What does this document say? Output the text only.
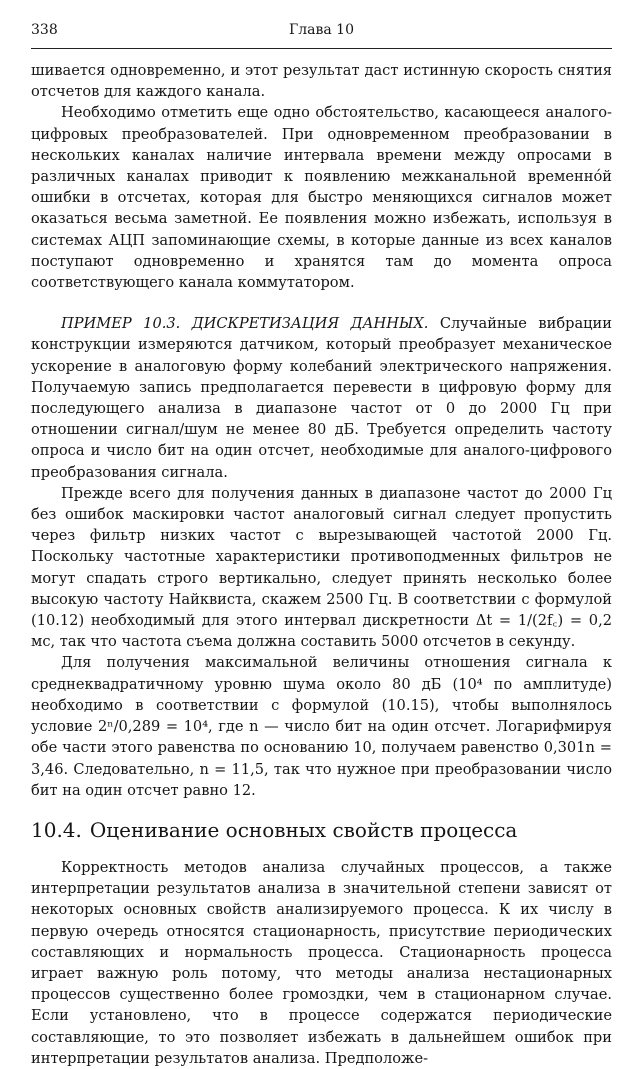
338	Глава 10

шивается одновременно, и этот результат даст истинную скорость снятия отсчетов для каждого канала.

Необходимо отметить еще одно обстоятельство, касающееся аналого-цифровых преобразователей. При одновременном преобразовании в нескольких каналах наличие интервала времени между опросами в различных каналах приводит к появлению межканальной временнóй ошибки в отсчетах, которая для быстро меняющихся сигналов может оказаться весьма заметной. Ее появления можно избежать, используя в системах АЦП запоминающие схемы, в которые данные из всех каналов поступают одновременно и хранятся там до момента опроса соответствующего канала коммутатором.

ПРИМЕР 10.3. ДИСКРЕТИЗАЦИЯ ДАННЫХ. Случайные вибрации конструкции измеряются датчиком, который преобразует механическое ускорение в аналоговую форму колебаний электрического напряжения. Получаемую запись предполагается перевести в цифровую форму для последующего анализа в диапазоне частот от 0 до 2000 Гц при отношении сигнал/шум не менее 80 дБ. Требуется определить частоту опроса и число бит на один отсчет, необходимые для аналого-цифрового преобразования сигнала.

Прежде всего для получения данных в диапазоне частот до 2000 Гц без ошибок маскировки частот аналоговый сигнал следует пропустить через фильтр низких частот с вырезывающей частотой 2000 Гц. Поскольку частотные характеристики противоподменных фильтров не могут спадать строго вертикально, следует принять несколько более высокую частоту Найквиста, скажем 2500 Гц. В соответствии с формулой (10.12) необходимый для этого интервал дискретности Δt = 1/(2f꜀) = 0,2 мс, так что частота съема должна составить 5000 отсчетов в секунду.

Для получения максимальной величины отношения сигнала к среднеквадратичному уровню шума около 80 дБ (10⁴ по амплитуде) необходимо в соответствии с формулой (10.15), чтобы выполнялось условие 2ⁿ/0,289 = 10⁴, где n — число бит на один отсчет. Логарифмируя обе части этого равенства по основанию 10, получаем равенство 0,301n = 3,46. Следовательно, n = 11,5, так что нужное при преобразовании число бит на один отсчет равно 12.

10.4. Оценивание основных свойств процесса

Корректность методов анализа случайных процессов, а также интерпретации результатов анализа в значительной степени зависят от некоторых основных свойств анализируемого процесса. К их числу в первую очередь относятся стационарность, присутствие периодических составляющих и нормальность процесса. Стационарность процесса играет важную роль потому, что методы анализа нестационарных процессов существенно более громоздки, чем в стационарном случае. Если установлено, что в процессе содержатся периодические составляющие, то это позволяет избежать в дальнейшем ошибок при интерпретации результатов анализа. Предположе-
